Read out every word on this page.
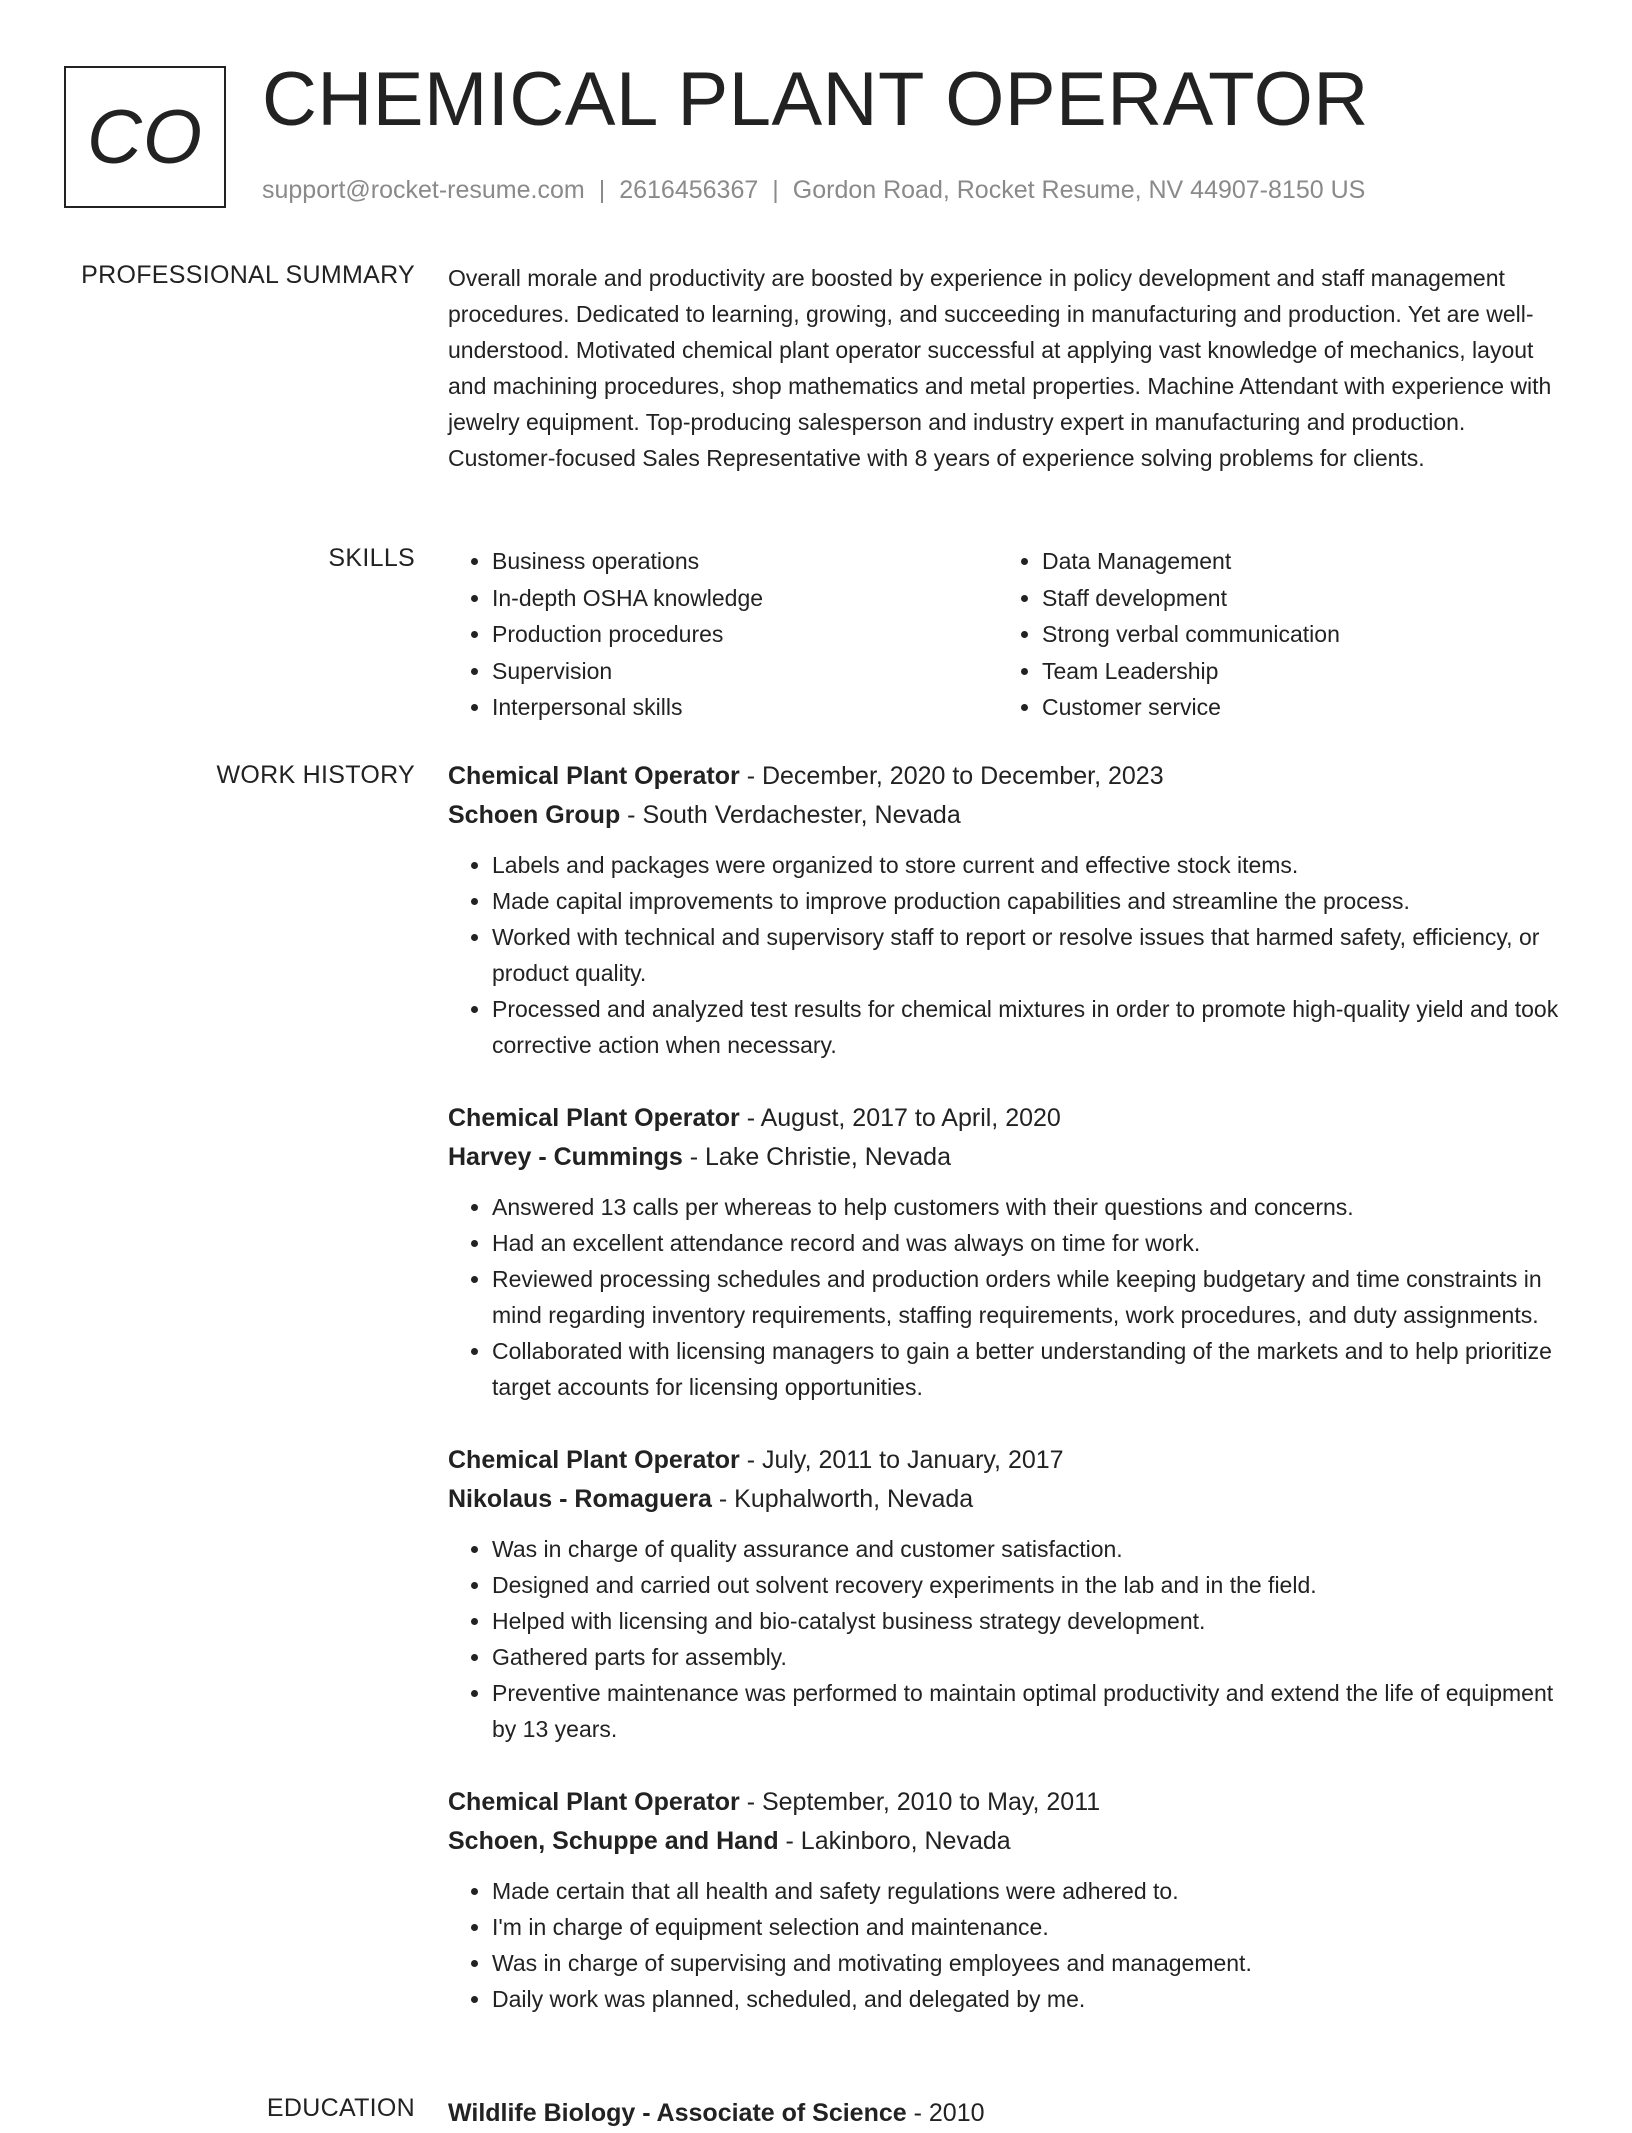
CO CHEMICAL PLANT OPERATOR
support@rocket-resume.com | 2616456367 | Gordon Road, Rocket Resume, NV 44907-8150 US
PROFESSIONAL SUMMARY Overall morale and productivity are boosted by experience in policy development and staff management procedures. Dedicated to learning, growing, and succeeding in manufacturing and production. Yet are well-understood. Motivated chemical plant operator successful at applying vast knowledge of mechanics, layout and machining procedures, shop mathematics and metal properties. Machine Attendant with experience with jewelry equipment. Top-producing salesperson and industry expert in manufacturing and production. Customer-focused Sales Representative with 8 years of experience solving problems for clients.

SKILLS
•	Business operations
• In-depth OSHA knowledge
• Production procedures
• Supervision
• Interpersonal skills
• Data Management
• Staff development
• Strong verbal communication
• Team Leadership
• Customer service
WORK HISTORY Chemical Plant Operator - December, 2020 to December, 2023
Schoen Group - South Verdachester, Nevada
• Labels and packages were organized to store current and effective stock items.
• Made capital improvements to improve production capabilities and streamline the process.
• Worked with technical and supervisory staff to report or resolve issues that harmed safety, efficiency, or product quality.
• Processed and analyzed test results for chemical mixtures in order to promote high-quality yield and took corrective action when necessary.
Chemical Plant Operator - August, 2017 to April, 2020
Harvey - Cummings - Lake Christie, Nevada
• Answered 13 calls per whereas to help customers with their questions and concerns.
• Had an excellent attendance record and was always on time for work.
• Reviewed processing schedules and production orders while keeping budgetary and time constraints in mind regarding inventory requirements, staffing requirements, work procedures, and duty assignments.
• Collaborated with licensing managers to gain a better understanding of the markets and to help prioritize target accounts for licensing opportunities.
Chemical Plant Operator - July, 2011 to January, 2017
Nikolaus - Romaguera - Kuphalworth, Nevada
• Was in charge of quality assurance and customer satisfaction.
• Designed and carried out solvent recovery experiments in the lab and in the field.
• Helped with licensing and bio-catalyst business strategy development.
• Gathered parts for assembly.
• Preventive maintenance was performed to maintain optimal productivity and extend the life of equipment by 13 years.
Chemical Plant Operator - September, 2010 to May, 2011
Schoen, Schuppe and Hand - Lakinboro, Nevada
• Made certain that all health and safety regulations were adhered to.
• I'm in charge of equipment selection and maintenance.
• Was in charge of supervising and motivating employees and management.
• Daily work was planned, scheduled, and delegated by me.
EDUCATION Wildlife Biology - Associate of Science - 2010
